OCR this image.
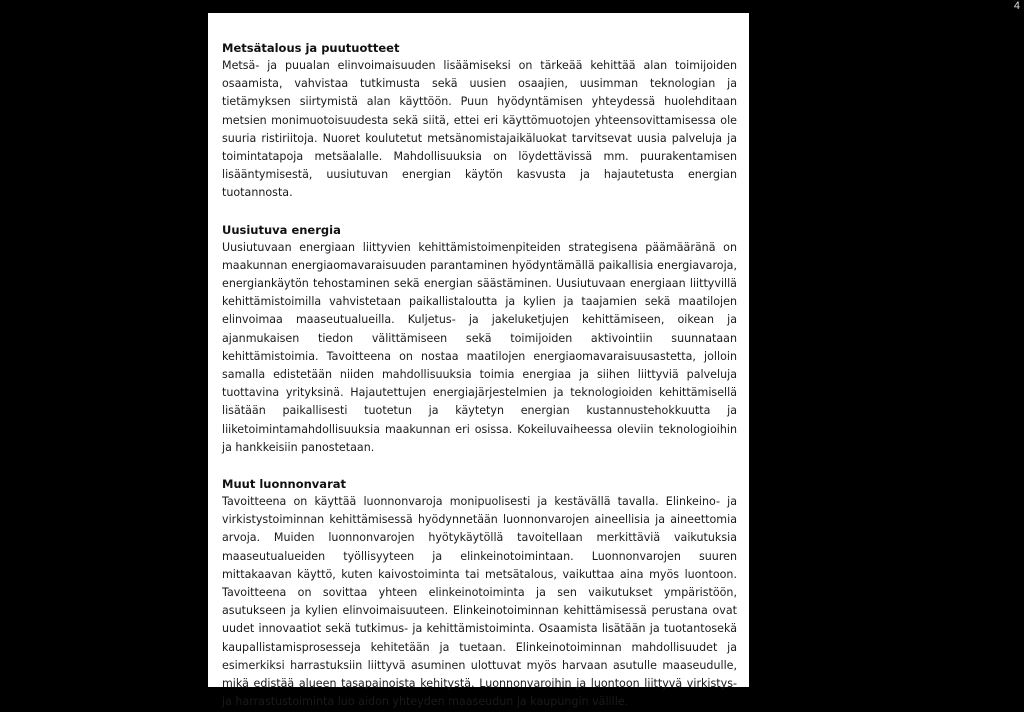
4
Metsätalous ja puutuotteet

Metsä- ja puualan elinvoimaisuuden lisäämiseksi on tärkeää kehittää alan toimijoiden osaamista, vahvistaa tutkimusta sekä uusien osaajien, uusimman teknologian ja tietämyksen siirtymistä alan käyttöön. Puun hyödyntämisen yhteydessä huolehditaan metsien monimuotoisuudesta sekä siitä, ettei eri käyttömuotojen yhteensovittamisessa ole suuria ristiriitoja. Nuoret koulutetut metsänomistajaikäluokat tarvitsevat uusia palveluja ja toimintatapoja metsäalalle. Mahdollisuuksia on löydettävissä mm. puurakentamisen lisääntymisestä, uusiutuvan energian käytön kasvusta ja hajautetusta energian tuotannosta.

Uusiutuva energia

Uusiutuvaan energiaan liittyvien kehittämistoimenpiteiden strategisena päämääränä on maakunnan energiaomavaraisuuden parantaminen hyödyntämällä paikallisia energiavaroja, energiankäytön tehostaminen sekä energian säästäminen. Uusiutuvaan energiaan liittyvillä kehittämistoimilla vahvistetaan paikallistaloutta ja kylien ja taajamien sekä maatilojen elinvoimaa maaseutualueilla. Kuljetus- ja jakeluketjujen kehittämiseen, oikean ja ajanmukaisen tiedon välittämiseen sekä toimijoiden aktivointiin suunnataan kehittämistoimia. Tavoitteena on nostaa maatilojen energiaomavaraisuusastetta, jolloin samalla edistetään niiden mahdollisuuksia toimia energiaa ja siihen liittyviä palveluja tuottavina yrityksinä. Hajautettujen energiajärjestelmien ja teknologioiden kehittämisellä lisätään paikallisesti tuotetun ja käytetyn energian kustannustehokkuutta ja liiketoimintamahdollisuuksia maakunnan eri osissa. Kokeiluvaiheessa oleviin teknologioihin ja hankkeisiin panostetaan.

Muut luonnonvarat

Tavoitteena on käyttää luonnonvaroja monipuolisesti ja kestävällä tavalla. Elinkeino- ja virkistystoiminnan kehittämisessä hyödynnetään luonnonvarojen aineellisia ja aineettomia arvoja. Muiden luonnonvarojen hyötykäytöllä tavoitellaan merkittäviä vaikutuksia maaseutualueiden työllisyyteen ja elinkeinotoimintaan. Luonnonvarojen suuren mittakaavan käyttö, kuten kaivostoiminta tai metsätalous, vaikuttaa aina myös luontoon. Tavoitteena on sovittaa yhteen elinkeinotoiminta ja sen vaikutukset ympäristöön, asutukseen ja kylien elinvoimaisuuteen. Elinkeinotoiminnan kehittämisessä perustana ovat uudet innovaatiot sekä tutkimus- ja kehittämistoiminta. Osaamista lisätään ja tuotantosekä kaupallistamisprosesseja kehitetään ja tuetaan. Elinkeinotoiminnan mahdollisuudet ja esimerkiksi harrastuksiin liittyvä asuminen ulottuvat myös harvaan asutulle maaseudulle, mikä edistää alueen tasapainoista kehitystä. Luonnonvaroihin ja luontoon liittyvä virkistys- ja harrastustoiminta luo aidon yhteyden maaseudun ja kaupungin välille.
